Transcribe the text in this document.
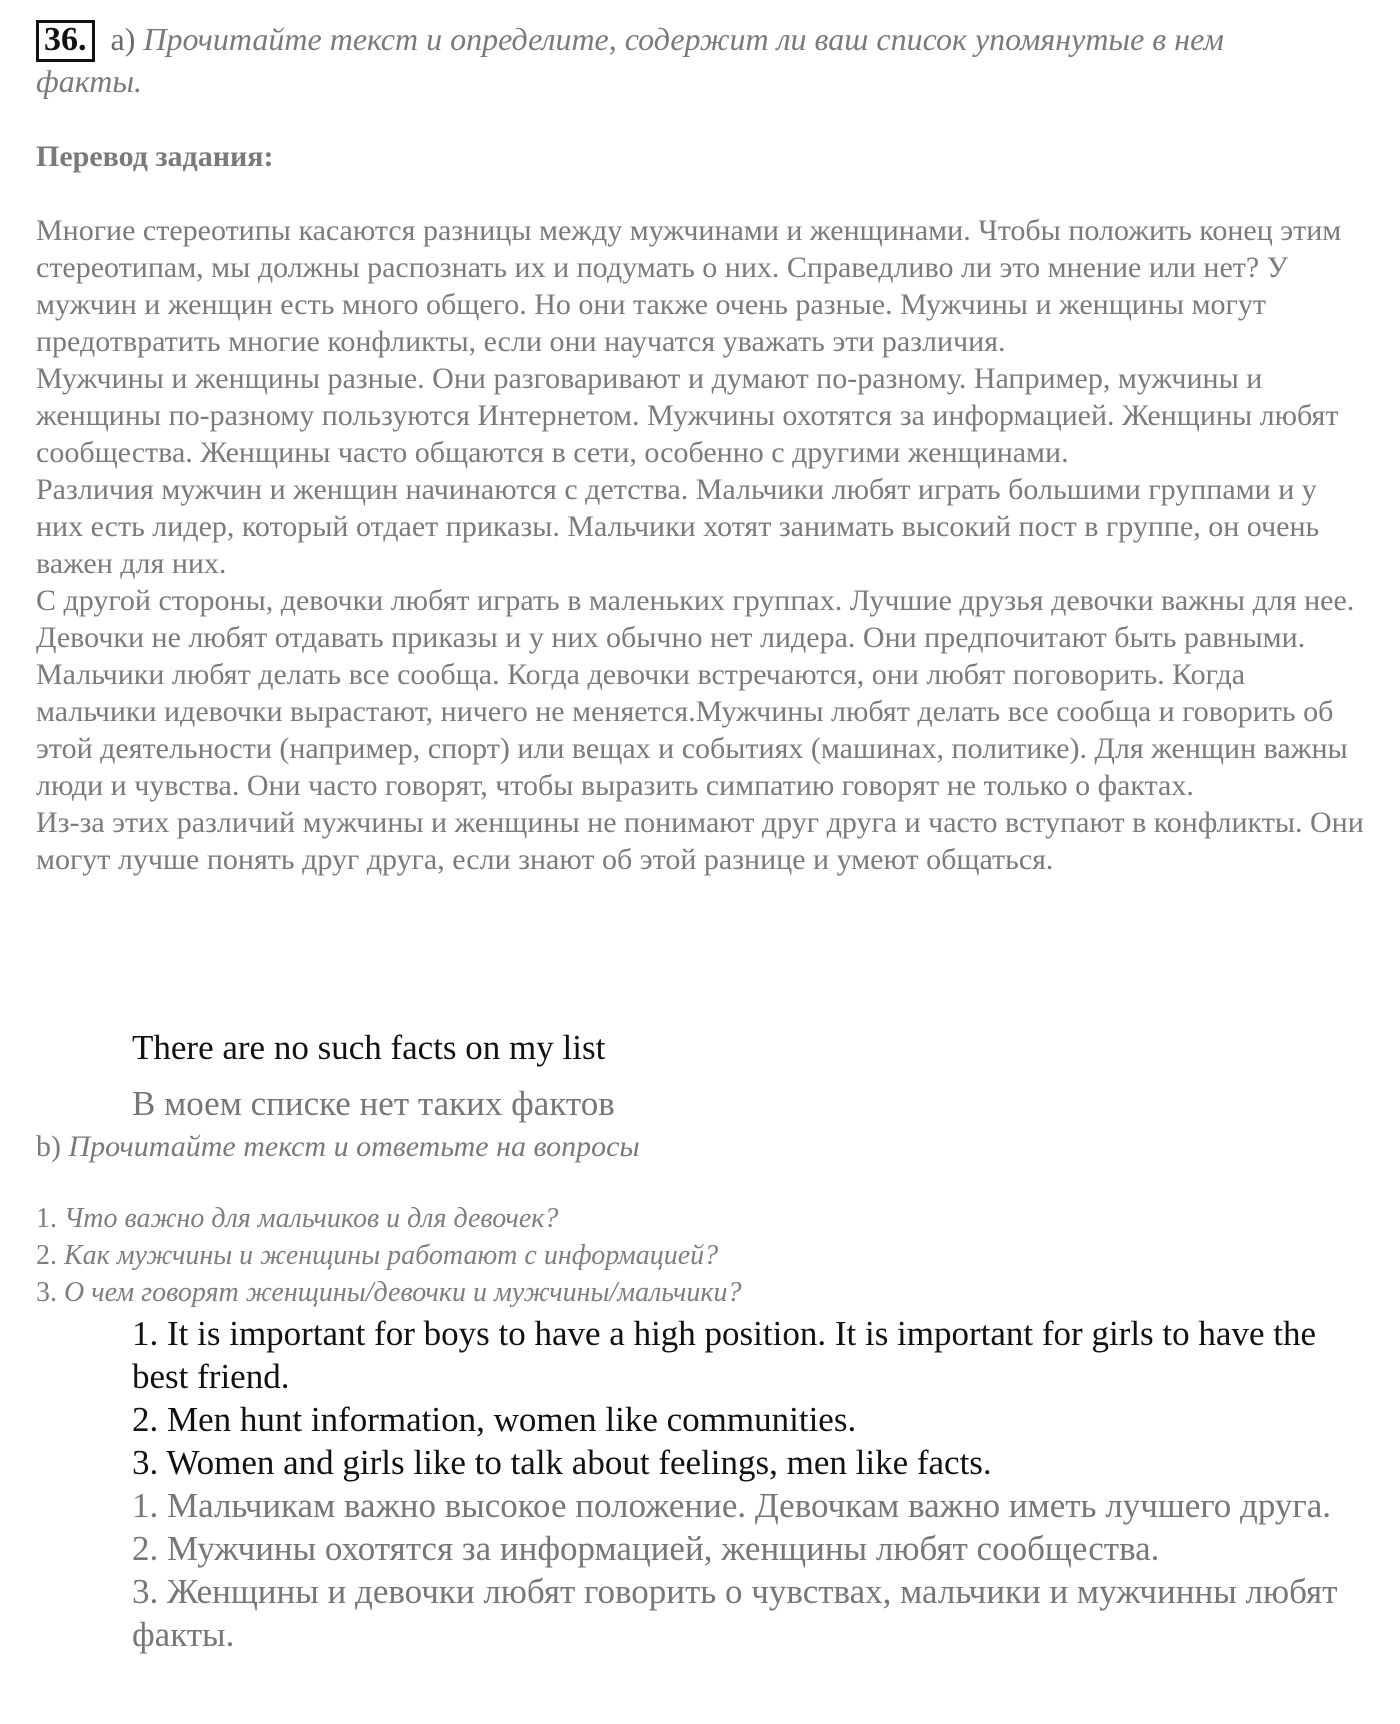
36. a) Прочитайте текст и определите, содержит ли ваш список упомянутые в нем факты.
Перевод задания:

Многие стереотипы касаются разницы между мужчинами и женщинами. Чтобы положить конец этим стереотипам, мы должны распознать их и подумать о них. Справедливо ли это мнение или нет? У мужчин и женщин есть много общего. Но они также очень разные. Мужчины и женщины могут предотвратить многие конфликты, если они научатся уважать эти различия.

Мужчины и женщины разные. Они разговаривают и думают по-разному. Например, мужчины и женщины по-разному пользуются Интернетом. Мужчины охотятся за информацией. Женщины любят сообщества. Женщины часто общаются в сети, особенно с другими женщинами.

Различия мужчин и женщин начинаются с детства. Мальчики любят играть большими группами и у них есть лидер, который отдает приказы. Мальчики хотят занимать высокий пост в группе, он очень важен для них.

С другой стороны, девочки любят играть в маленьких группах. Лучшие друзья девочки важны для нее. Девочки не любят отдавать приказы и у них обычно нет лидера. Они предпочитают быть равными. Мальчики любят делать все сообща. Когда девочки встречаются, они любят поговорить. Когда мальчики идевочки вырастают, ничего не меняется.Мужчины любят делать все сообща и говорить об этой деятельности (например, спорт) или вещах и событиях (машинах, политике). Для женщин важны люди и чувства. Они часто говорят, чтобы выразить симпатию говорят не только о фактах.

Из-за этих различий мужчины и женщины не понимают друг друга и часто вступают в конфликты. Они могут лучше понять друг друга, если знают об этой разнице и умеют общаться.

There are no such facts on my list
В моем списке нет таких фактов
b) Прочитайте текст и ответьте на вопросы

1. Что важно для мальчиков и для девочек?

2. Как мужчины и женщины работают с информацией?

3. О чем говорят женщины/девочки и мужчины/мальчики?

1. It is important for boys to have a high position. It is important for girls to have the best friend.

2. Men hunt information, women like communities.

3. Women and girls like to talk about feelings, men like facts.

1. Мальчикам важно высокое положение. Девочкам важно иметь лучшего друга.

2. Мужчины охотятся за информацией, женщины любят сообщества.

3. Женщины и девочки любят говорить о чувствах, мальчики и мужчинны любят факты.
